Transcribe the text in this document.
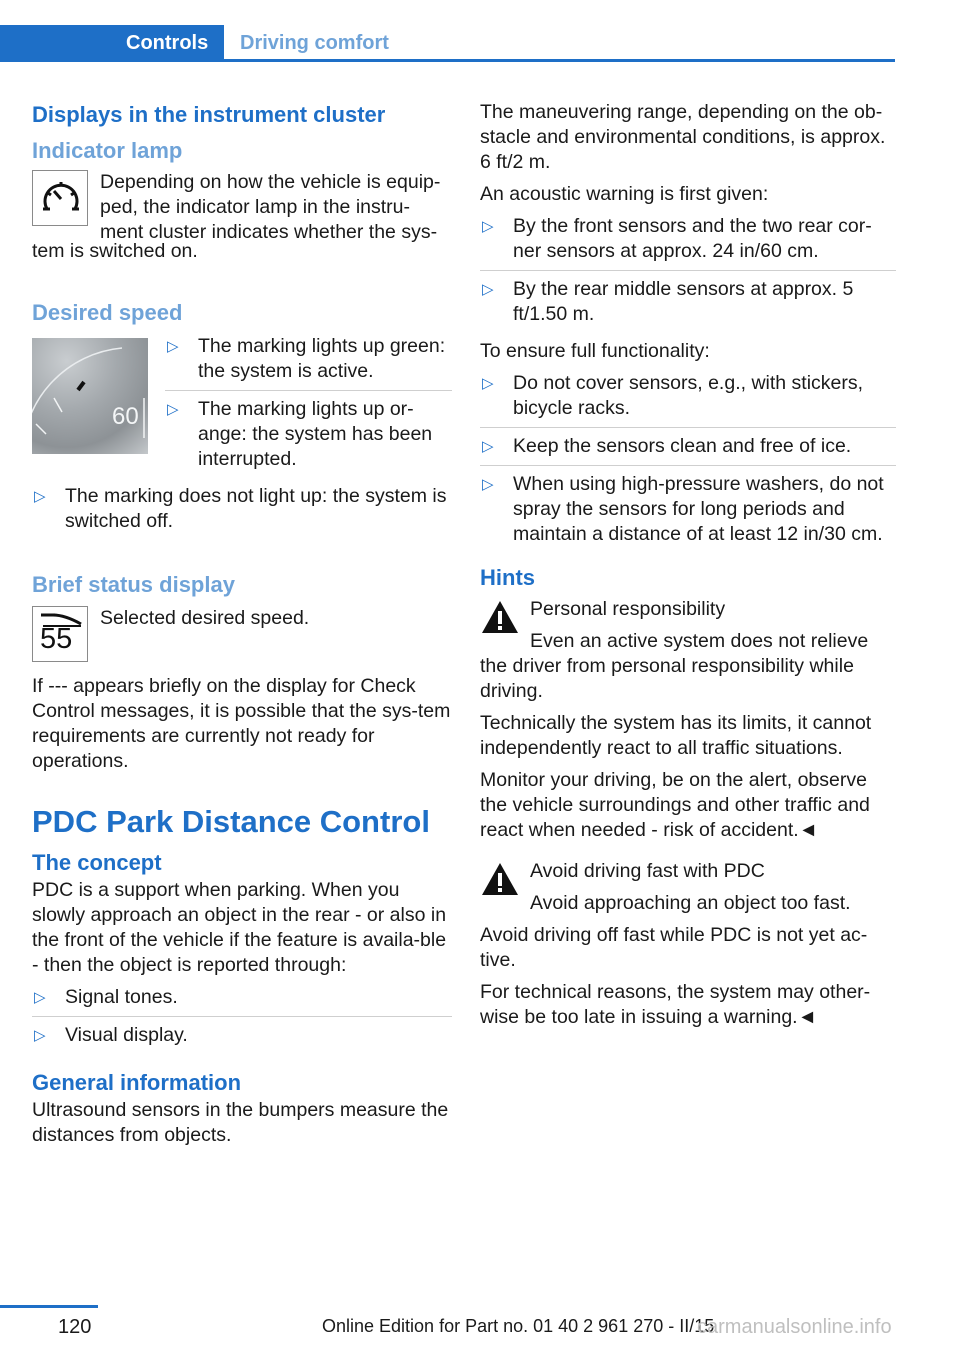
Controls	Driving comfort
Displays in the instrument cluster
Indicator lamp
Depending on how the vehicle is equip-
ped, the indicator lamp in the instru-
ment cluster indicates whether the sys-
tem is switched on.
Desired speed
60
▷ The marking lights up green: the system is active.
▷ The marking lights up or-ange: the system has been interrupted.
▷ The marking does not light up: the system is switched off.
Brief status display
55
Selected desired speed.

If --- appears briefly on the display for Check Control messages, it is possible that the sys-tem requirements are currently not ready for operations.

PDC Park Distance Control
The concept

PDC is a support when parking. When you slowly approach an object in the rear - or also in the front of the vehicle if the feature is availa-ble - then the object is reported through:

▷ Signal tones.
▷ Visual display.
General information

Ultrasound sensors in the bumpers measure the distances from objects.

The maneuvering range, depending on the ob-stacle and environmental conditions, is approx. 6 ft/2 m.

An acoustic warning is first given:

▷ By the front sensors and the two rear cor-ner sensors at approx. 24 in/60 cm.
▷ By the rear middle sensors at approx. 5 ft/1.50 m.

To ensure full functionality:

▷ Do not cover sensors, e.g., with stickers, bicycle racks.
▷ Keep the sensors clean and free of ice.
▷ When using high-pressure washers, do not spray the sensors for long periods and maintain a distance of at least 12 in/30 cm.
Hints
Personal responsibility
Even an active system does not relieve the driver from personal responsibility while driving.

Technically the system has its limits, it cannot independently react to all traffic situations.

Monitor your driving, be on the alert, observe the vehicle surroundings and other traffic and react when needed - risk of accident.◄

Avoid driving fast with PDC
Avoid approaching an object too fast.

Avoid driving off fast while PDC is not yet ac-tive.

For technical reasons, the system may other-wise be too late in issuing a warning.◄

120	Online Edition for Part no. 01 40 2 961 270 - II/15
carmanualsonline.info
